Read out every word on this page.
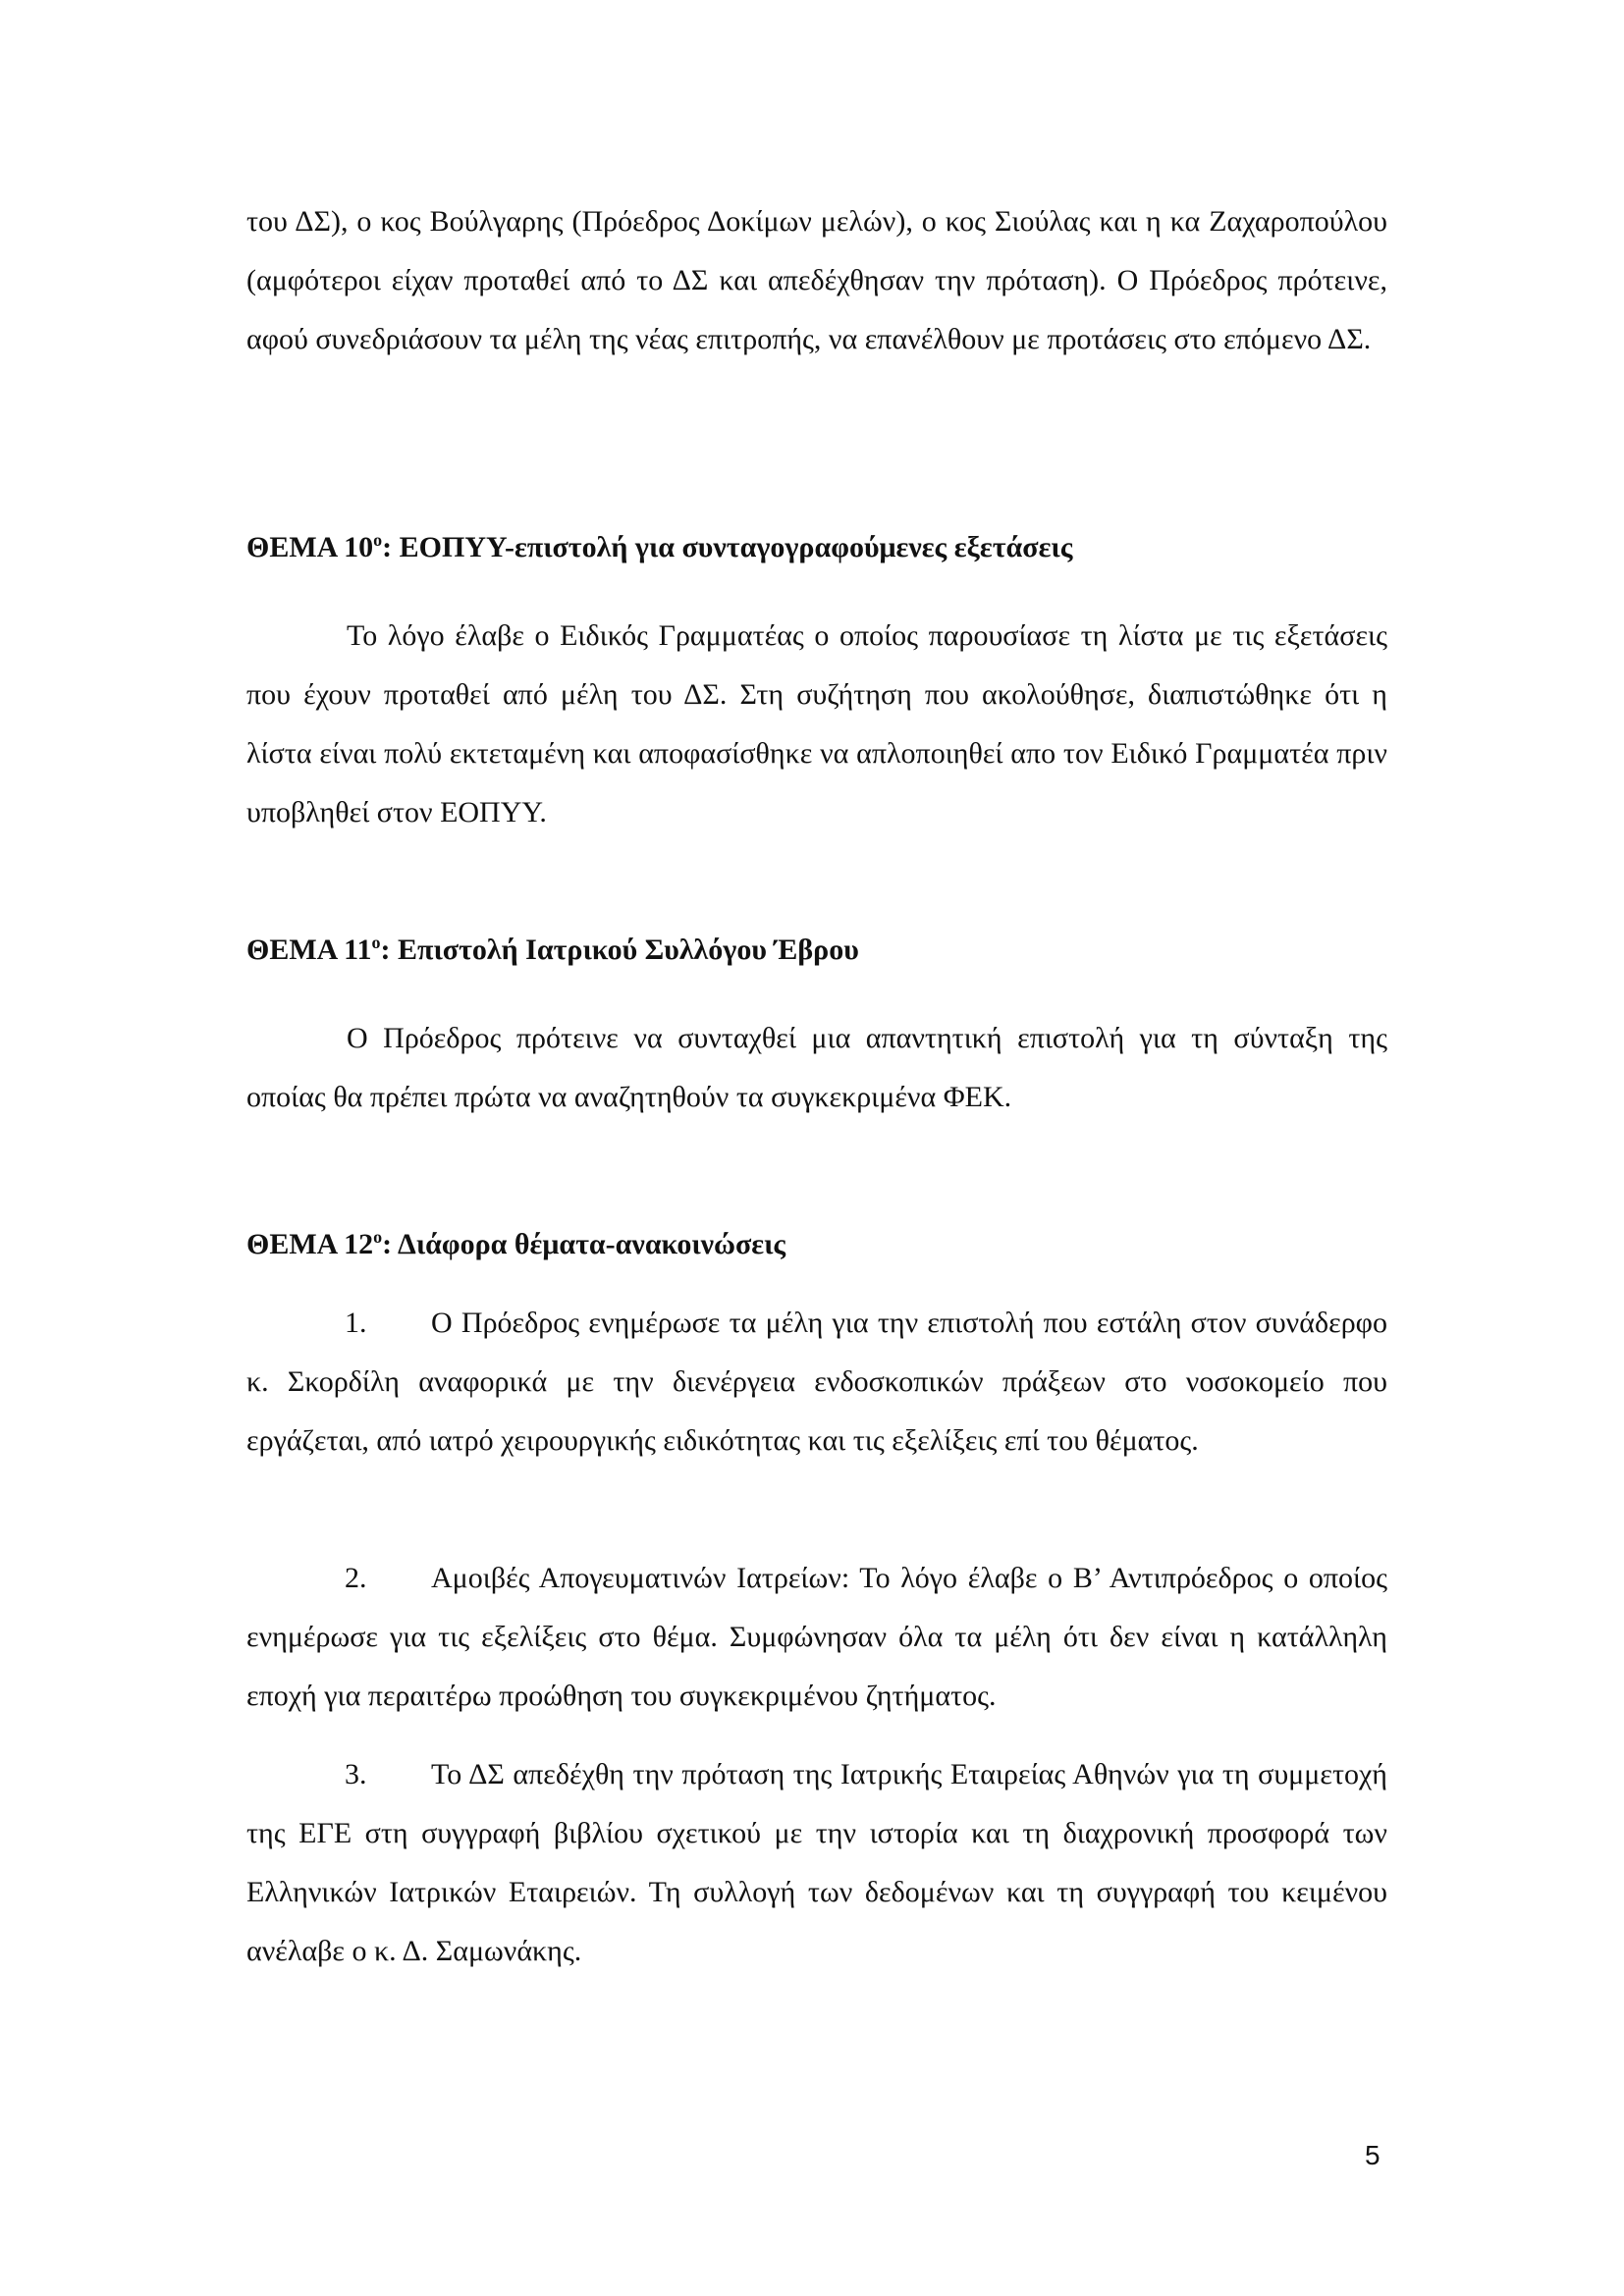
του ΔΣ), ο κος Βούλγαρης (Πρόεδρος Δοκίμων μελών), ο κος Σιούλας και η κα Ζαχαροπούλου (αμφότεροι είχαν προταθεί από το ΔΣ και απεδέχθησαν την πρόταση). Ο Πρόεδρος πρότεινε, αφού συνεδριάσουν τα μέλη της νέας επιτροπής, να επανέλθουν με προτάσεις στο επόμενο ΔΣ.

ΘΕΜΑ $10^o$: ΕΟΠΥΥ-επιστολή για συνταγογραφούμενες εξετάσεις

Το λόγο έλαβε ο Ειδικός Γραμματέας ο οποίος παρουσίασε τη λίστα με τις εξετάσεις που έχουν προταθεί από μέλη του ΔΣ. Στη συζήτηση που ακολούθησε, διαπιστώθηκε ότι η λίστα είναι πολύ εκτεταμένη και αποφασίσθηκε να απλοποιηθεί απο τον Ειδικό Γραμματέα πριν υποβληθεί στον ΕΟΠΥΥ.

ΘΕΜΑ $11^o$: Επιστολή Ιατρικού Συλλόγου Έβρου

Ο Πρόεδρος πρότεινε να συνταχθεί μια απαντητική επιστολή για τη σύνταξη της οποίας θα πρέπει πρώτα να αναζητηθούν τα συγκεκριμένα ΦΕΚ.

ΘΕΜΑ $12^o$: Διάφορα θέματα-ανακοινώσεις

1. Ο Πρόεδρος ενημέρωσε τα μέλη για την επιστολή που εστάλη στον συνάδερφο κ. Σκορδίλη αναφορικά με την διενέργεια ενδοσκοπικών πράξεων στο νοσοκομείο που εργάζεται, από ιατρό χειρουργικής ειδικότητας και τις εξελίξεις επί του θέματος.

2. Αμοιβές Απογευματινών Ιατρείων: Το λόγο έλαβε ο Β’ Αντιπρόεδρος ο οποίος ενημέρωσε για τις εξελίξεις στο θέμα. Συμφώνησαν όλα τα μέλη ότι δεν είναι η κατάλληλη εποχή για περαιτέρω προώθηση του συγκεκριμένου ζητήματος.

3. Το ΔΣ απεδέχθη την πρόταση της Ιατρικής Εταιρείας Αθηνών για τη συμμετοχή της ΕΓΕ στη συγγραφή βιβλίου σχετικού με την ιστορία και τη διαχρονική προσφορά των Ελληνικών Ιατρικών Εταιρειών. Τη συλλογή των δεδομένων και τη συγγραφή του κειμένου ανέλαβε ο κ. Δ. Σαμωνάκης.

5
